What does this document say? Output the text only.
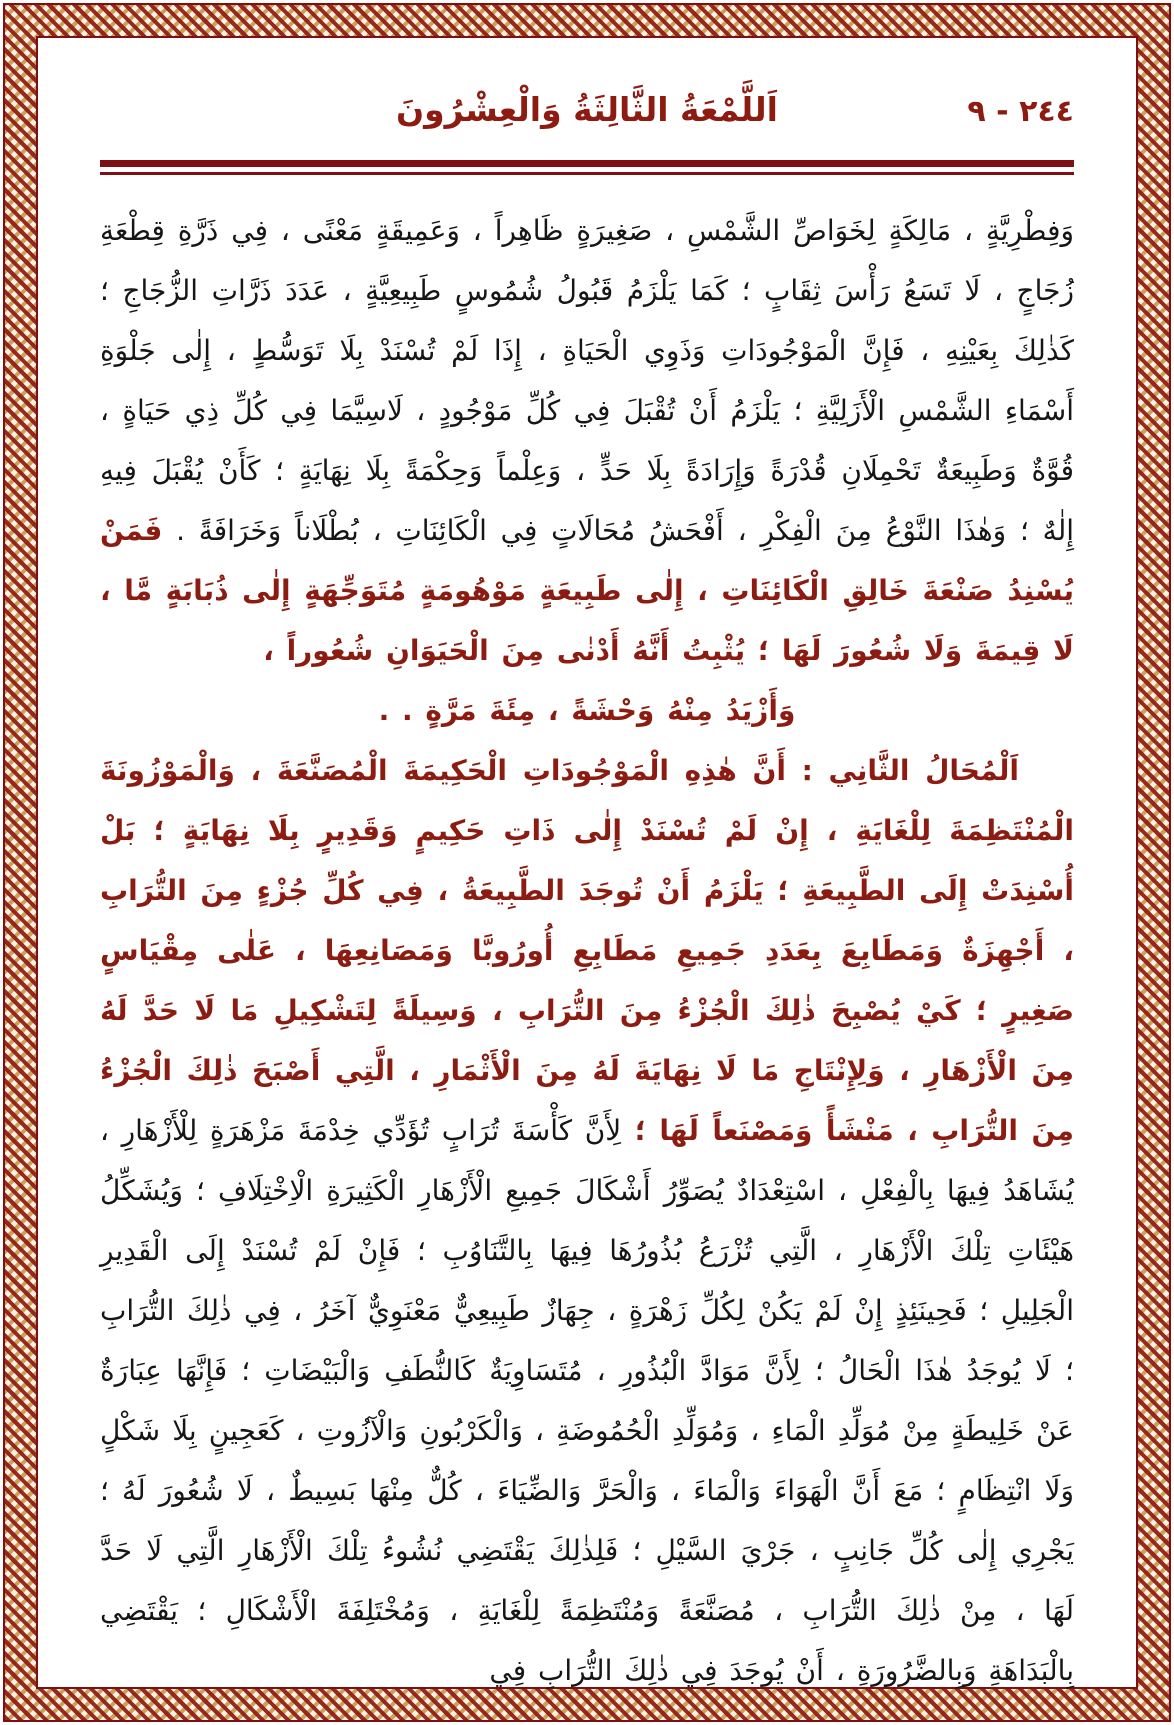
٢٤٤ - ٩
اَللَّمْعَةُ الثَّالِثَةُ وَالْعِشْرُونَ

وَفِطْرِيَّةٍ ، مَالِكَةٍ لِخَوَاصِّ الشَّمْسِ ، صَغِيرَةٍ ظَاهِراً ، وَعَمِيقَةٍ مَعْنًى ، فِي ذَرَّةِ قِطْعَةِ زُجَاجٍ ، لَا تَسَعُ رَأْسَ ثِقَابٍ ؛ كَمَا يَلْزَمُ قَبُولُ شُمُوسٍ طَبِيعِيَّةٍ ، عَدَدَ ذَرَّاتِ الزُّجَاجِ ؛ كَذٰلِكَ بِعَيْنِهِ ، فَإِنَّ الْمَوْجُودَاتِ وَذَوِي الْحَيَاةِ ، إِذَا لَمْ تُسْنَدْ بِلَا تَوَسُّطٍ ، إِلٰى جَلْوَةِ أَسْمَاءِ الشَّمْسِ الْأَزَلِيَّةِ ؛ يَلْزَمُ أَنْ تُقْبَلَ فِي كُلِّ مَوْجُودٍ ، لَاسِيَّمَا فِي كُلِّ ذِي حَيَاةٍ ، قُوَّةٌ وَطَبِيعَةٌ تَحْمِلَانِ قُدْرَةً وَإِرَادَةً بِلَا حَدٍّ ، وَعِلْماً وَحِكْمَةً بِلَا نِهَايَةٍ ؛ كَأَنْ يُقْبَلَ فِيهِ إِلٰهٌ ؛ وَهٰذَا النَّوْعُ مِنَ الْفِكْرِ ، أَفْحَشُ مُحَالَاتٍ فِي الْكَائِنَاتِ ، بُطْلَاناً وَخَرَافَةً . فَمَنْ يُسْنِدُ صَنْعَةَ خَالِقِ الْكَائِنَاتِ ، إِلٰى طَبِيعَةٍ مَوْهُومَةٍ مُتَوَجِّهَةٍ إِلٰى ذُبَابَةٍ مَّا ، لَا قِيمَةَ وَلَا شُعُورَ لَهَا ؛ يُثْبِتُ أَنَّهُ أَدْنٰى مِنَ الْحَيَوَانِ شُعُوراً ،

وَأَزْيَدُ مِنْهُ وَحْشَةً ، مِئَةَ مَرَّةٍ . .

اَلْمُحَالُ الثَّانِي : أَنَّ هٰذِهِ الْمَوْجُودَاتِ الْحَكِيمَةَ الْمُصَنَّعَةَ ، وَالْمَوْزُونَةَ الْمُنْتَظِمَةَ لِلْغَايَةِ ، إِنْ لَمْ تُسْنَدْ إِلٰى ذَاتِ حَكِيمٍ وَقَدِيرٍ بِلَا نِهَايَةٍ ؛ بَلْ أُسْنِدَتْ إِلَى الطَّبِيعَةِ ؛ يَلْزَمُ أَنْ تُوجَدَ الطَّبِيعَةُ ، فِي كُلِّ جُزْءٍ مِنَ التُّرَابِ ، أَجْهِزَةٌ وَمَطَابِعَ بِعَدَدِ جَمِيعِ مَطَابِعِ أُورُوبَّا وَمَصَانِعِهَا ، عَلٰى مِقْيَاسٍ صَغِيرٍ ؛ كَيْ يُصْبِحَ ذٰلِكَ الْجُزْءُ مِنَ التُّرَابِ ، وَسِيلَةً لِتَشْكِيلِ مَا لَا حَدَّ لَهُ مِنَ الْأَزْهَارِ ، وَلِإِنْتَاجِ مَا لَا نِهَايَةَ لَهُ مِنَ الْأَثْمَارِ ، الَّتِي أَصْبَحَ ذٰلِكَ الْجُزْءُ مِنَ التُّرَابِ ، مَنْشَأً وَمَصْنَعاً لَهَا ؛ لِأَنَّ كَأْسَةَ تُرَابٍ تُؤَدِّي خِدْمَةَ مَزْهَرَةٍ لِلْأَزْهَارِ ، يُشَاهَدُ فِيهَا بِالْفِعْلِ ، اسْتِعْدَادٌ يُصَوِّرُ أَشْكَالَ جَمِيعِ الْأَزْهَارِ الْكَثِيرَةِ الْاِخْتِلَافِ ؛ وَيُشَكِّلُ هَيْئَاتِ تِلْكَ الْأَزْهَارِ ، الَّتِي تُزْرَعُ بُذُورُهَا فِيهَا بِالتَّنَاوُبِ ؛ فَإِنْ لَمْ تُسْنَدْ إِلَى الْقَدِيرِ الْجَلِيلِ ؛ فَحِينَئِذٍ إِنْ لَمْ يَكُنْ لِكُلِّ زَهْرَةٍ ، جِهَازٌ طَبِيعِيٌّ مَعْنَوِيٌّ آخَرُ ، فِي ذٰلِكَ التُّرَابِ ؛ لَا يُوجَدُ هٰذَا الْحَالُ ؛ لِأَنَّ مَوَادَّ الْبُذُورِ ، مُتَسَاوِيَةٌ كَالنُّطَفِ وَالْبَيْضَاتِ ؛ فَإِنَّهَا عِبَارَةٌ عَنْ خَلِيطَةٍ مِنْ مُوَلِّدِ الْمَاءِ ، وَمُوَلِّدِ الْحُمُوضَةِ ، وَالْكَرْبُونِ وَالْآزُوتِ ، كَعَجِينٍ بِلَا شَكْلٍ وَلَا انْتِظَامٍ ؛ مَعَ أَنَّ الْهَوَاءَ وَالْمَاءَ ، وَالْحَرَّ وَالضِّيَاءَ ، كُلٌّ مِنْهَا بَسِيطٌ ، لَا شُعُورَ لَهُ ؛ يَجْرِي إِلٰى كُلِّ جَانِبٍ ، جَرْيَ السَّيْلِ ؛ فَلِذٰلِكَ يَقْتَضِي نُشُوءُ تِلْكَ الْأَزْهَارِ الَّتِي لَا حَدَّ لَهَا ، مِنْ ذٰلِكَ التُّرَابِ ، مُصَنَّعَةً وَمُنْتَظِمَةً لِلْغَايَةِ ، وَمُخْتَلِفَةَ الْأَشْكَالِ ؛ يَقْتَضِي بِالْبَدَاهَةِ وَبِالضَّرُورَةِ ، أَنْ يُوجَدَ فِي ذٰلِكَ التُّرَابِ فِي
